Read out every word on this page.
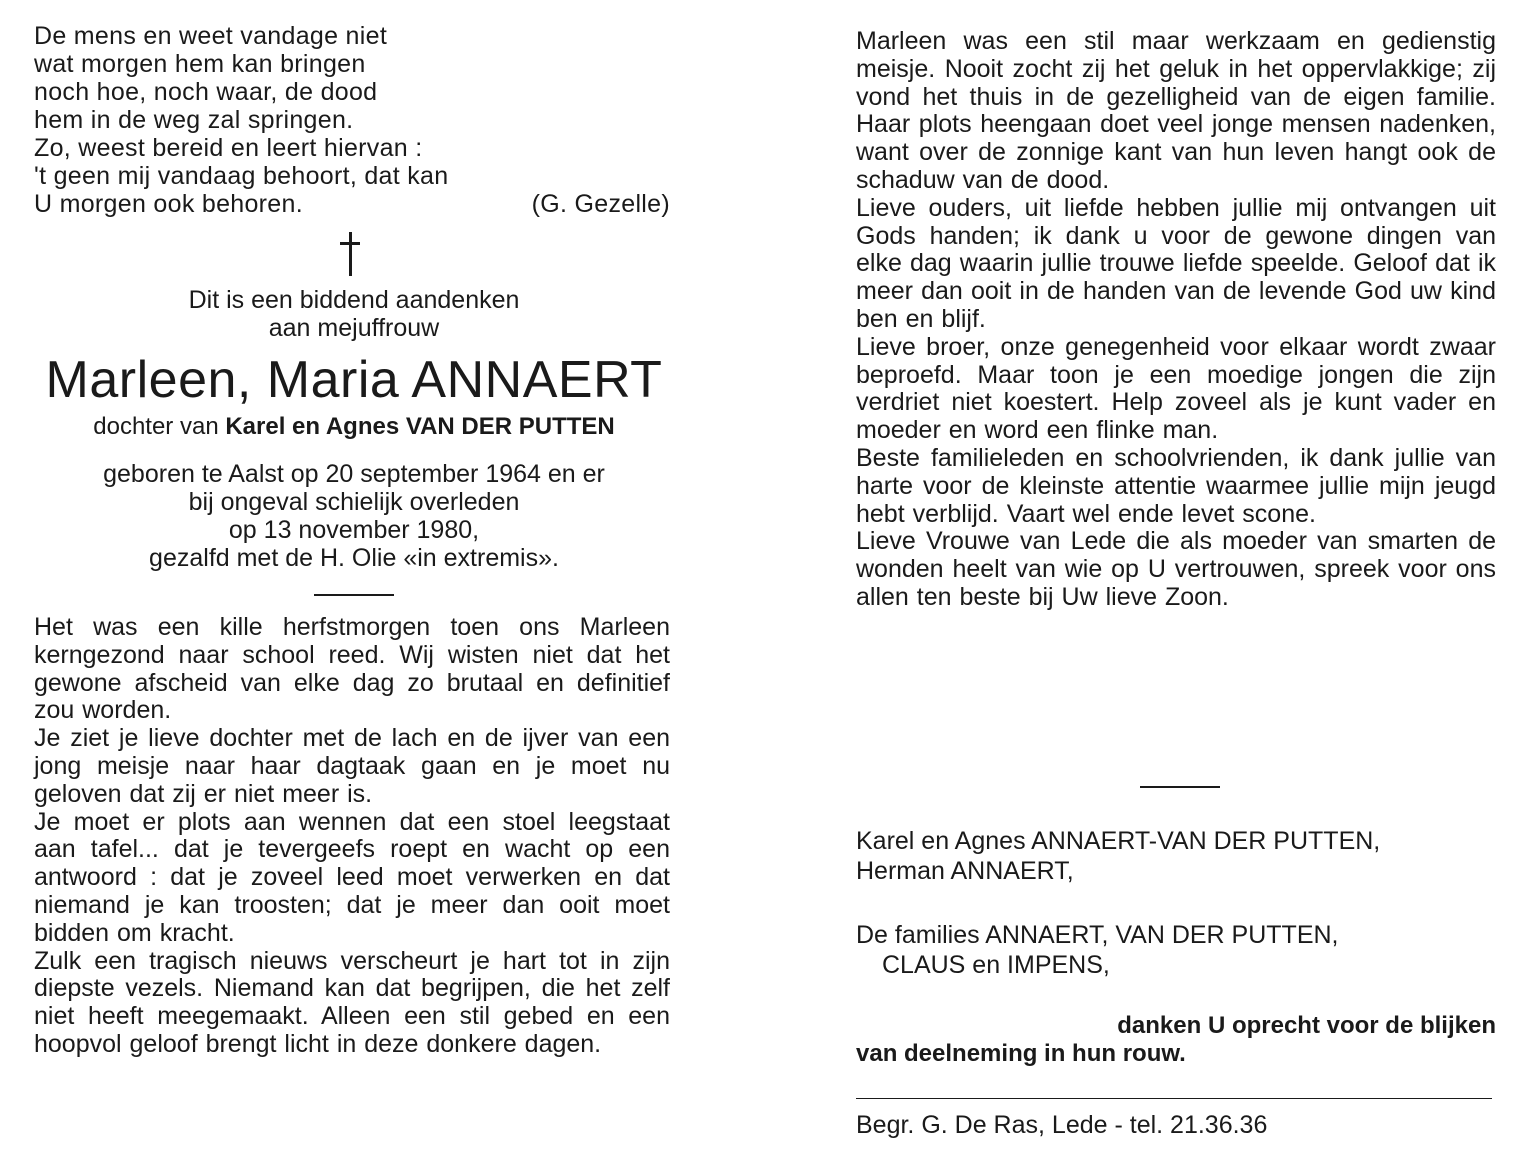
De mens en weet vandage niet
wat morgen hem kan bringen
noch hoe, noch waar, de dood
hem in de weg zal springen.
Zo, weest bereid en leert hiervan :
't geen mij vandaag behoort, dat kan
U morgen ook behoren.	(G. Gezelle)
Dit is een biddend aandenken
aan mejuffrouw
Marleen, Maria ANNAERT
dochter van Karel en Agnes VAN DER PUTTEN
geboren te Aalst op 20 september 1964 en er
bij ongeval schielijk overleden
op 13 november 1980,
gezalfd met de H. Olie «in extremis».

Het was een kille herfstmorgen toen ons Marleen kerngezond naar school reed. Wij wisten niet dat het gewone afscheid van elke dag zo brutaal en definitief zou worden.

Je ziet je lieve dochter met de lach en de ijver van een jong meisje naar haar dagtaak gaan en je moet nu geloven dat zij er niet meer is.

Je moet er plots aan wennen dat een stoel leegstaat aan tafel... dat je tevergeefs roept en wacht op een antwoord : dat je zoveel leed moet verwerken en dat niemand je kan troosten; dat je meer dan ooit moet bidden om kracht.

Zulk een tragisch nieuws verscheurt je hart tot in zijn diepste vezels. Niemand kan dat begrijpen, die het zelf niet heeft meegemaakt. Alleen een stil gebed en een hoopvol geloof brengt licht in deze donkere dagen.

Marleen was een stil maar werkzaam en gedienstig meisje. Nooit zocht zij het geluk in het oppervlakkige; zij vond het thuis in de gezelligheid van de eigen familie. Haar plots heengaan doet veel jonge mensen nadenken, want over de zonnige kant van hun leven hangt ook de schaduw van de dood.

Lieve ouders, uit liefde hebben jullie mij ontvangen uit Gods handen; ik dank u voor de gewone dingen van elke dag waarin jullie trouwe liefde speelde. Geloof dat ik meer dan ooit in de handen van de levende God uw kind ben en blijf.

Lieve broer, onze genegenheid voor elkaar wordt zwaar beproefd. Maar toon je een moedige jongen die zijn verdriet niet koestert. Help zoveel als je kunt vader en moeder en word een flinke man.

Beste familieleden en schoolvrienden, ik dank jullie van harte voor de kleinste attentie waarmee jullie mijn jeugd hebt verblijd. Vaart wel ende levet scone.

Lieve Vrouwe van Lede die als moeder van smarten de wonden heelt van wie op U vertrouwen, spreek voor ons allen ten beste bij Uw lieve Zoon.

Karel en Agnes ANNAERT-VAN DER PUTTEN,
Herman ANNAERT,
De families ANNAERT, VAN DER PUTTEN,
CLAUS en IMPENS,
danken U oprecht voor de blijken
van deelneming in hun rouw.
Begr. G. De Ras, Lede - tel. 21.36.36
